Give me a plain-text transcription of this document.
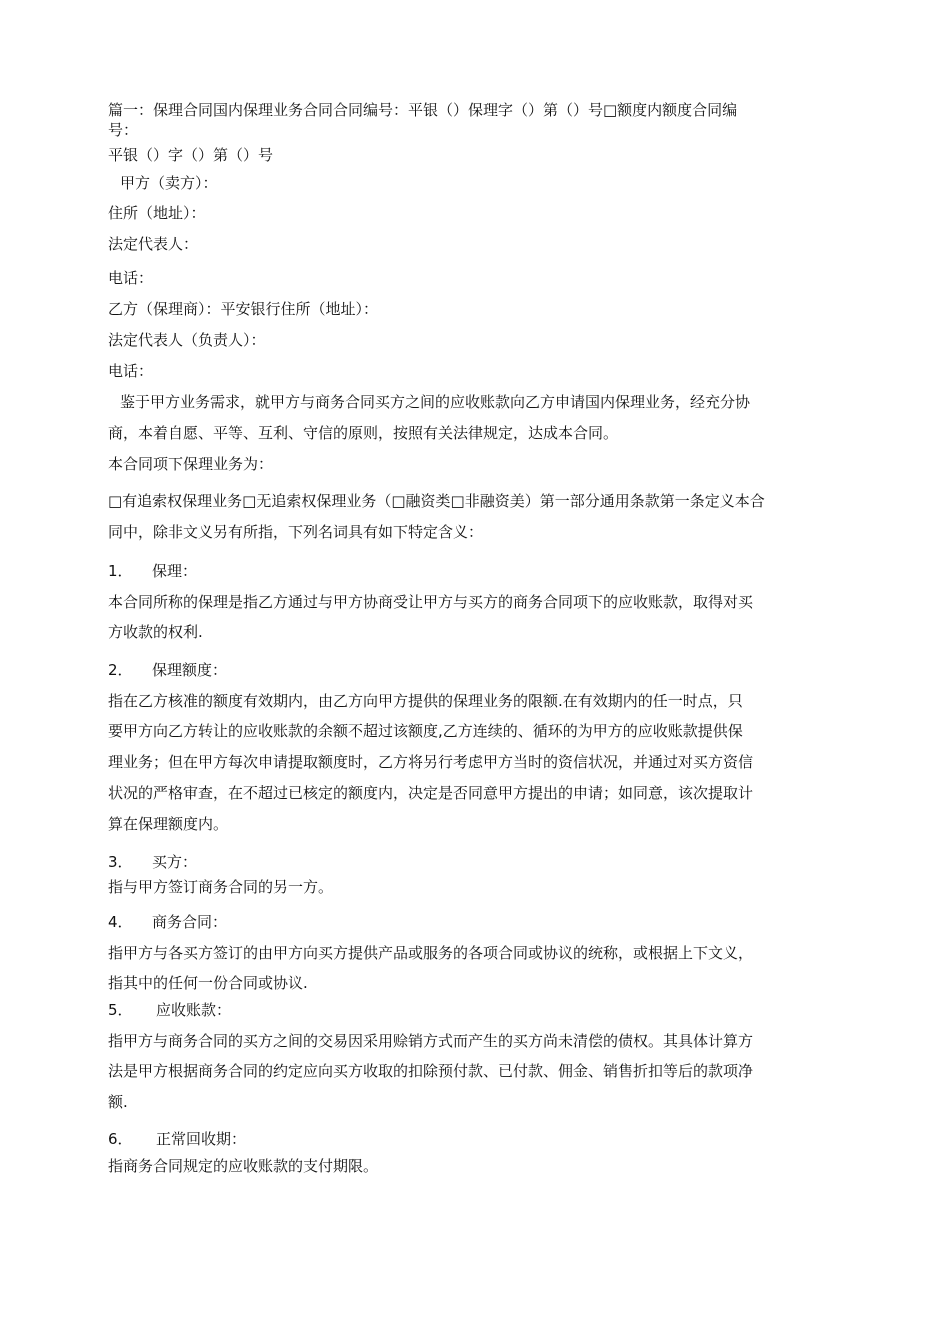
篇一：保理合同国内保理业务合同合同编号：平银（）保理字（）第（）号□额度内额度合同编
号：
平银（）字（）第（）号
甲方（卖方）：
住所（地址）：
法定代表人：
电话：
乙方（保理商）：平安银行住所（地址）：
法定代表人（负责人）：
电话：
鉴于甲方业务需求，就甲方与商务合同买方之间的应收账款向乙方申请国内保理业务，经充分协
商，本着自愿、平等、互利、守信的原则，按照有关法律规定，达成本合同。
本合同项下保理业务为：
□有追索权保理业务□无追索权保理业务（□融资类□非融资美）第一部分通用条款第一条定义本合
同中，除非文义另有所指，下列名词具有如下特定含义：
1． 保理：
本合同所称的保理是指乙方通过与甲方协商受让甲方与买方的商务合同项下的应收账款，取得对买
方收款的权利.
2． 保理额度：
指在乙方核准的额度有效期内，由乙方向甲方提供的保理业务的限额.在有效期内的任一时点，只
要甲方向乙方转让的应收账款的余额不超过该额度,乙方连续的、循环的为甲方的应收账款提供保
理业务；但在甲方每次申请提取额度时，乙方将另行考虑甲方当时的资信状况，并通过对买方资信
状况的严格审查，在不超过已核定的额度内，决定是否同意甲方提出的申请；如同意，该次提取计
算在保理额度内。
3． 买方：
指与甲方签订商务合同的另一方。
4． 商务合同：
指甲方与各买方签订的由甲方向买方提供产品或服务的各项合同或协议的统称，或根据上下文义，
指其中的任何一份合同或协议.
5． 应收账款：
指甲方与商务合同的买方之间的交易因采用赊销方式而产生的买方尚未清偿的债权。其具体计算方
法是甲方根据商务合同的约定应向买方收取的扣除预付款、已付款、佣金、销售折扣等后的款项净
额.
6． 正常回收期：
指商务合同规定的应收账款的支付期限。
